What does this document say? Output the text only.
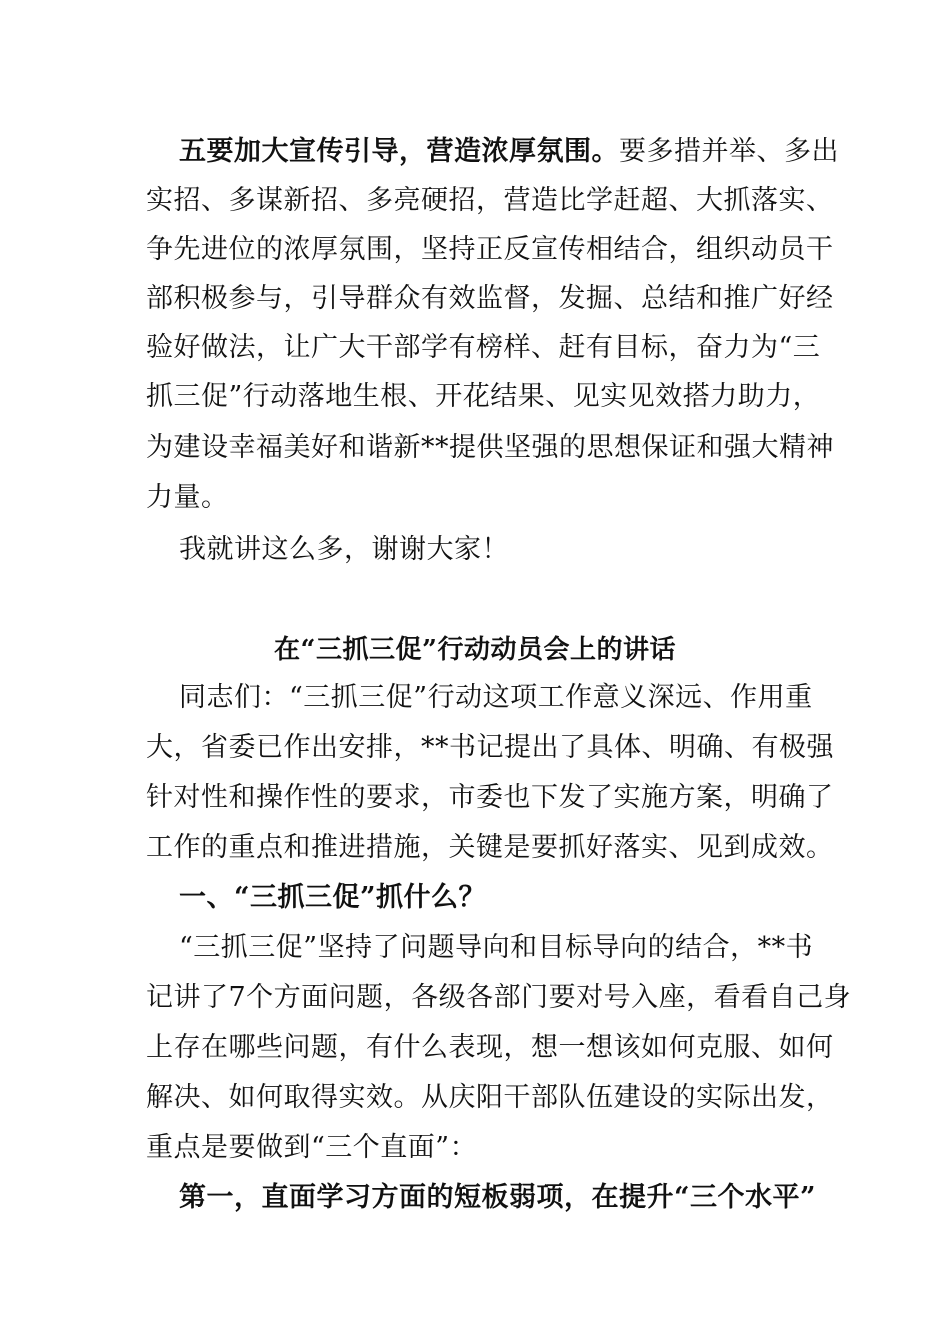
五要加大宣传引导，营造浓厚氛围。要多措并举、多出
实招、多谋新招、多亮硬招，营造比学赶超、大抓落实、
争先进位的浓厚氛围，坚持正反宣传相结合，组织动员干
部积极参与，引导群众有效监督，发掘、总结和推广好经
验好做法，让广大干部学有榜样、赶有目标，奋力为“三
抓三促”行动落地生根、开花结果、见实见效搭力助力，
为建设幸福美好和谐新**提供坚强的思想保证和强大精神
力量。
我就讲这么多，谢谢大家！
在“三抓三促”行动动员会上的讲话
同志们：“三抓三促”行动这项工作意义深远、作用重
大，省委已作出安排，**书记提出了具体、明确、有极强
针对性和操作性的要求，市委也下发了实施方案，明确了
工作的重点和推进措施，关键是要抓好落实、见到成效。
一、“三抓三促”抓什么？
“三抓三促”坚持了问题导向和目标导向的结合，**书
记讲了7个方面问题，各级各部门要对号入座，看看自己身
上存在哪些问题，有什么表现，想一想该如何克服、如何
解决、如何取得实效。从庆阳干部队伍建设的实际出发，
重点是要做到“三个直面”：
第一，直面学习方面的短板弱项，在提升“三个水平”
